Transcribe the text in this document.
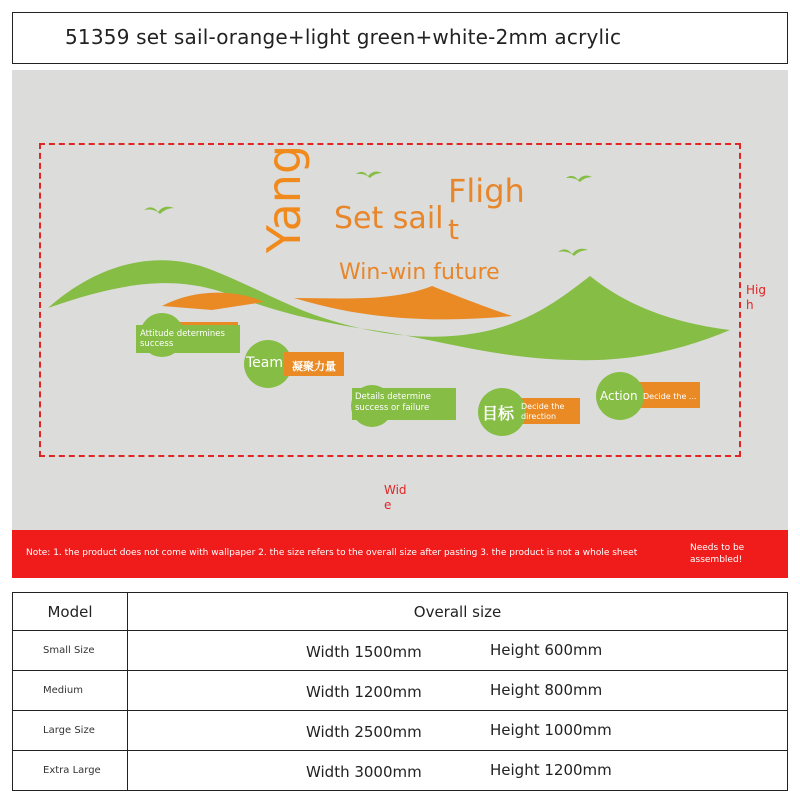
51359 set sail-orange+light green+white-2mm acrylic
Yang Set sail
Fligh
t
Win-win future
Attitude determines success
Team 凝聚力量
Details determine success or failure	目标 Decide the direction
Action Decide the ...
High
Wide
Note: 1. the product does not come with wallpaper 2. the size refers to the overall size after pasting 3. the product is not a whole sheet	Needs to be assembled!
Model	Overall size
Small Size	Width 1500mm Height 600mm

Medium	Width 1200mm Height 800mm

Large Size	Width 2500mm Height 1000mm

Extra Large	Width 3000mm Height 1200mm
